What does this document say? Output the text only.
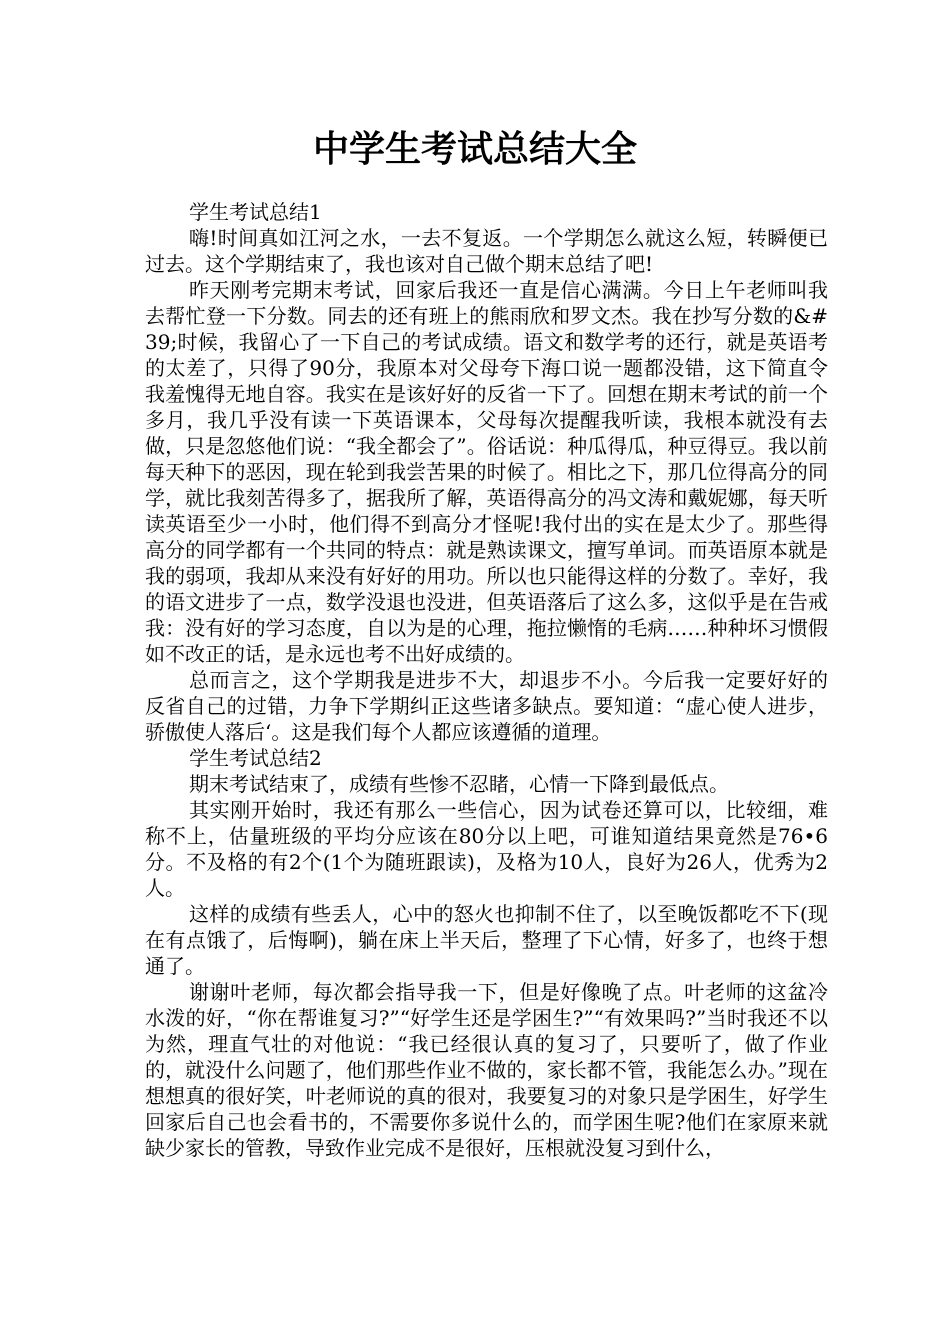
中学生考试总结大全

学生考试总结1

嗨!时间真如江河之水，一去不复返。一个学期怎么就这么短，转瞬便已过去。这个学期结束了，我也该对自己做个期末总结了吧!

昨天刚考完期末考试，回家后我还一直是信心满满。今日上午老师叫我去帮忙登一下分数。同去的还有班上的熊雨欣和罗文杰。我在抄写分数的&#39;时候，我留心了一下自己的考试成绩。语文和数学考的还行，就是英语考的太差了，只得了90分，我原本对父母夸下海口说一题都没错，这下简直令我羞愧得无地自容。我实在是该好好的反省一下了。回想在期末考试的前一个多月，我几乎没有读一下英语课本，父母每次提醒我听读，我根本就没有去做，只是忽悠他们说：“我全都会了”。俗话说：种瓜得瓜，种豆得豆。我以前每天种下的恶因，现在轮到我尝苦果的时候了。相比之下，那几位得高分的同学，就比我刻苦得多了，据我所了解，英语得高分的冯文涛和戴妮娜，每天听读英语至少一小时，他们得不到高分才怪呢!我付出的实在是太少了。那些得高分的同学都有一个共同的特点：就是熟读课文，擅写单词。而英语原本就是我的弱项，我却从来没有好好的用功。所以也只能得这样的分数了。幸好，我的语文进步了一点，数学没退也没进，但英语落后了这么多，这似乎是在告戒我：没有好的学习态度，自以为是的心理，拖拉懒惰的毛病……种种坏习惯假如不改正的话，是永远也考不出好成绩的。

总而言之，这个学期我是进步不大，却退步不小。今后我一定要好好的反省自己的过错，力争下学期纠正这些诸多缺点。要知道：“虚心使人进步，骄傲使人落后‘。这是我们每个人都应该遵循的道理。

学生考试总结2

期末考试结束了，成绩有些惨不忍睹，心情一下降到最低点。

其实刚开始时，我还有那么一些信心，因为试卷还算可以，比较细，难称不上，估量班级的平均分应该在80分以上吧，可谁知道结果竟然是76•6分。不及格的有2个(1个为随班跟读)，及格为10人，良好为26人，优秀为2人。

这样的成绩有些丢人，心中的怒火也抑制不住了，以至晚饭都吃不下(现在有点饿了，后悔啊)，躺在床上半天后，整理了下心情，好多了，也终于想通了。

谢谢叶老师，每次都会指导我一下，但是好像晚了点。叶老师的这盆冷水泼的好，“你在帮谁复习?”“好学生还是学困生?”“有效果吗?”当时我还不以为然，理直气壮的对他说：“我已经很认真的复习了，只要听了，做了作业的，就没什么问题了，他们那些作业不做的，家长都不管，我能怎么办。”现在想想真的很好笑，叶老师说的真的很对，我要复习的对象只是学困生，好学生回家后自己也会看书的，不需要你多说什么的，而学困生呢?他们在家原来就缺少家长的管教，导致作业完成不是很好，压根就没复习到什么，
